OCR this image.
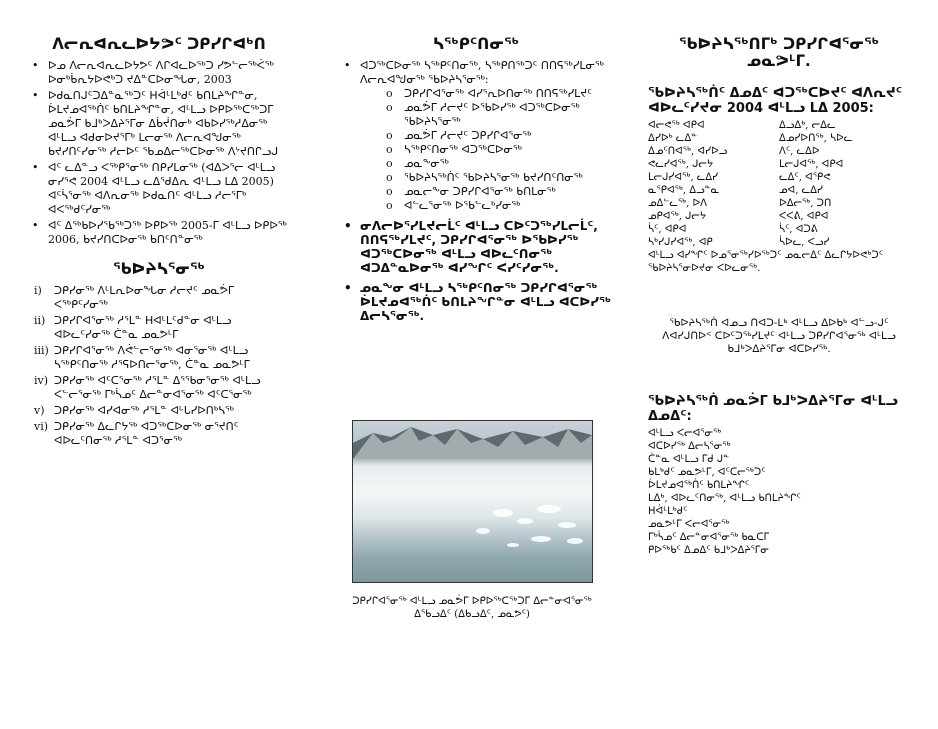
ᐱᓕᕆᐊᕆᓚᐅᔭᕗᑦ ᑐᑭᓯᒋᐊᒃᑎ
• ᐅᓄ ᐱᓕᕆᐊᕆᓚᐅᔭᕗᑦ ᐱᒋᐊᓚᐅᖅᑐ ᓯᕗᓪᓕᖅᐹᖅ ᐅᓂᒃᑳᕆᔭᐅᕙᒃᑐ ᔪᐃᓐᑕᐅᓂᖓᓂ, 2003
• ᐅᑯᓇᑎᒍᑦᑐᐃᓐᓇᖅᑐᑦ ᕼᐋᒻᒪᒃᑯᑦ ᑲᑎᒪᔨᖏᓐᓂ, ᐆᒪᔪᓄᐊᖅᑏᑦ ᑲᑎᒪᔨᖏᓐᓂ, ᐊᒻᒪᓗ ᐅᑭᐅᖅᑕᖅᑐᒥ ᓄᓇᕘᒥ ᑲᒧᒃᐳᐃᔨᕐᒥᓂ ᐃᑳᔫᑎᓂᒃ ᐊᑲᐅᓯᖅᓱᐃᓂᖅ ᐊᒻᒪᓗ ᐊᑯᓂᐅᔪᕐᒥᒃ ᒪᓕᓂᖅ ᐱᓕᕆᐊᖑᓂᖅ ᑲᔪᓯᑎᑦᓯᓂᖅ ᓱᓕᐅᑦ ᖃᓄᐃᓕᖅᑕᐅᓂᖅ ᐱᔾᔪᑎᒋᓗᒍ
• ᐊᑦ ᓚᐃᓐᓗ ᐸᖅᑭᕐᓂᖅ ᑎᑭᓯᒪᓂᖅ (ᐊᐃᐳᕐᓕ ᐊᒻᒪᓗ ᓂᓯᕐᕙ 2004 ᐊᒻᒪᓗ ᓚᐃᖁᐃᕆ ᐊᒻᒪᓗ ᒪᐃ 2005) ᐊᑦᓵᕐᓂᖅ ᐊᐱᕆᓂᖅ ᐅᑯᓇᑎᑦ ᐊᒻᒪᓗ ᓱᓕᕐᒥᒃ ᐊᐸᖅᑯᑦᓯᓂᖅ
• ᐊᑦ ᐃᖅᑲᐅᓯᖃᖅᑐᖅ ᐅᑭᐅᖅ 2005-ᒥ ᐊᒻᒪᓗ ᐅᑭᐅᖅ 2006, ᑲᔪᓯᑎᑕᐅᓂᖅ ᑲᑎᑦᑎᓐᓂᖅ
ᖃᐅᔨᓴᕐᓂᖅ
i) ᑐᑭᓯᓂᖅ ᐱᒻᒪᕆᐅᓂᖓᓂ ᓱᓕᔪᑦ ᓄᓇᕘᒥ ᐸᖅᑭᑦᓯᓂᖅ
ii) ᑐᑭᓯᒋᐊᕐᓂᖅ ᓱᕐᒪᓐ ᕼᐊᒻᒪᑦᑯᓐᓂ ᐊᒻᒪᓗ ᐊᐅᓚᑦᓯᓂᖅ ᑖᓐᓇ ᓄᓇᕗᒻᒥ
iii) ᑐᑭᓯᒋᐊᕐᓂᖅ ᐱᕚᓪᓕᕐᓂᖅ ᐊᓂᕐᓂᖅ ᐊᒻᒪᓗ ᓴᖅᑭᑦᑎᓂᖅ ᓱᕐᕋᐅᑎᓕᕐᓂᖅ, ᑖᓐᓇ ᓄᓇᕗᒻᒥ
iv) ᑐᑭᓯᓂᖅ ᐊᑦᑕᕐᓂᖅ ᓱᕐᒪᓐ ᐃᕐᖃᓂᕐᓂᖅ ᐊᒻᒪᓗ ᐸᓪᓕᕐᓂᖅ ᒥᒃᓵᓄᑦ ᐃᓕᓐᓂᐊᕐᓂᖅ ᐊᑦᑕᕐᓂᖅ
v) ᑐᑭᓯᓂᖅ ᐊᓯᐊᓂᖅ ᓱᕐᒪᓐ ᐊᒡᒐᓯᐅᑎᒃᓴᖅ
vi) ᑐᑭᓯᓂᖅ ᐃᓚᒋᔭᖅ ᐊᑐᖅᑕᐅᓂᖅ ᓂᕐᔪᑎᑦ ᐊᐅᓚᑦᑎᓂᖅ ᓱᕐᒪᓐ ᐊᑐᕐᓂᖅ
ᓴᖅᑭᑦᑎᓂᖅ
• ᐊᑐᖅᑕᐅᓂᖅ ᓴᖅᑭᑦᑎᓂᖅ, ᓴᖅᑭᑎᖅᑐᑦ ᑎᑎᕋᖅᓯᒪᓂᖅ ᐱᓕᕆᐊᖑᓂᖅ ᖃᐅᔨᓴᕐᓂᖅ:
o ᑐᑭᓯᒋᐊᕐᓂᖅ ᐊᓯᕐᕆᐅᑎᓂᖅ ᑎᑎᕋᖅᓯᒪᔪᑦ
o ᓄᓇᕘᒥ ᓱᓕᔪᑦ ᐅᖃᐅᓯᖅ ᐊᑐᖅᑕᐅᓂᖅ ᖃᐅᔨᓴᕐᓂᖅ
o ᓄᓇᕘᒥ ᓱᓕᔪᑦ ᑐᑭᓯᒋᐊᕐᓂᖅ
o ᓴᖅᑭᑦᑎᓂᖅ ᐊᑐᖅᑕᐅᓂᖅ
o ᓄᓇᖕᓂᖅ
o ᖃᐅᔨᓴᖅᑏᑦ ᖃᐅᔨᓴᕐᓂᖅ ᑲᔪᓯᑎᑦᑎᓂᖅ
o ᓄᓇᓕᖕᓂ ᑐᑭᓯᒋᐊᕐᓂᖅ ᑲᑎᒪᓂᖅ
o ᐊᓪᓚᕐᓂᖅ ᐅᖃᓪᓚᒃᓯᓂᖅ
• ᓂᐱᓕᐅᕐᓯᒪᔪᓕᒫᑦ ᐊᒻᒪᓗ ᑕᐅᑦᑐᖅᓯᒪᓕᒫᑦ, ᑎᑎᕋᖅᓯᒪᔪᑦ, ᑐᑭᓯᒋᐊᕐᓂᖅ ᐅᖃᐅᓯᖅ ᐊᑐᖅᑕᐅᓂᖅ ᐊᒻᒪᓗ ᐊᐅᓚᑦᑎᓂᖅ ᐊᑐᐃᓐᓇᐅᓂᖅ ᐊᓯᖏᑦ ᐸᓯᑦᓯᓂᖅ.
• ᓄᓇᖕᓂ ᐊᒻᒪᓗ ᓴᖅᑭᑦᑎᓂᖅ ᑐᑭᓯᒋᐊᕐᓂᖅ ᐆᒪᔪᓄᐊᖅᑏᑦ ᑲᑎᒪᔨᖏᓐᓂ ᐊᒻᒪᓗ ᐊᑕᐅᓯᖅ ᐃᓕᓴᕐᓂᖅ.
ᑐᑭᓯᒋᐊᕐᓂᖅ ᐊᒻᒪᓗ ᓄᓇᕘᒥ ᐅᑭᐅᖅᑕᖅᑐᒥ ᐃᓕᓐᓂᐊᕐᓂᖅ ᐃᖃᓗᐃᑦ (ᐃᑲᓗᐃᑦ, ᓄᓇᕗᑦ)
ᖃᐅᔨᓴᖅᑎᒥᒃ ᑐᑭᓯᒋᐊᕐᓂᖅ ᓄᓇᕗᒻᒥ.
ᖃᐅᔨᓴᖅᑏᑦ ᐃᓄᐃᑦ ᐊᑐᖅᑕᐅᔪᑦ ᐊᐱᕆᔪᑦ ᐊᐅᓚᑦᓯᔪᓂ 2004 ᐊᒻᒪᓗ ᒪᐃ 2005:
ᐊᓕᕙᖅ ᐊᑭᐊ
ᐃᓯᐅᒃ ᓚᐃᓐ
ᐃᓄᑦᑎᐊᖅ, ᐊᓯᐅᓗ
ᕙᓚᓯᐊᖅ, ᒍᓕᔭ
ᒪᓕᒍᓯᐊᖅ, ᓚᐃᓯ
ᓇᕿᐊᖅ, ᐃᓗᓐᓇ
ᓄᐃᓪᓚᖅ, ᐅᐱ
ᓄᑭᐊᖅ, ᒍᓕᔭ
ᓵᑦ, ᐊᑭᐊ
ᓴᒃᓯᒍᓯᐊᖅ, ᐊᑭ
ᐃᓗᐃᒃ, ᓕᐃᓚ
ᐃᓄᓯᐅᑎᖅ, ᓴᐅᓚ
ᐱᑦ, ᓚᐃᐅ
ᒪᓕᒍᐊᖅ, ᐊᑭᐊ
ᓚᐃᑦ, ᐊᕿᕙ
ᓄᐊ, ᓚᐃᓯ
ᐅᐃᓕᖅ, ᑐᑎ
ᐸᐸᕕ, ᐊᑭᐊ
ᓵᑦ, ᐊᑐᕕ
ᓵᐅᓚ, ᐸᓗᓯ
ᐊᒻᒪᓗ ᐊᓯᖏᑦ ᐅᓄᕐᓂᖅᓯᐅᖅᑐᑦ ᓄᓇᓕᐃᑦ ᐃᓚᒋᔭᐅᕙᒃᑐᑦ ᖃᐅᔨᓴᕐᓂᐅᔪᓂ ᐸᐅᓚᓂᖅ.
ᖃᐅᔨᓴᖅᑏ ᐊᓄᓗ ᑎᐊᑐ-ᒪᒃ ᐊᒻᒪᓗ ᐃᐅᑲᒃ ᐊᓪᓗ-ᒍᑦ ᐱᐊᓯᒍᑎᐅᑉ ᑕᐅᑦᑐᖅᓯᒪᔪᑦ ᐊᒻᒪᓗ ᑐᑭᓯᒋᐊᕐᓂᖅ ᐊᒻᒪᓗ ᑲᒧᒃᐳᐃᔨᕐᒥᓂ ᐊᑕᐅᓯᖅ.
ᖃᐅᔨᓴᖅᑏ ᓄᓇᕘᒥ ᑲᒧᒃᐳᐃᔨᕐᒥᓂ ᐊᒻᒪᓗ ᐃᓄᐃᑦ:
ᐊᒻᒪᓗ ᐸᓕᐊᕐᓂᖅ
ᐊᑕᐅᓯᖅ ᐃᓕᓴᕐᓂᖅ
ᑖᓐᓇ ᐊᒻᒪᓗ ᒥᑯ ᒍᓐ
ᑲᒪᒃᑯᑦ ᓄᓇᕗᒻᒥ, ᐊᑦᑕᓕᖅᑐᑦ
ᐆᒪᔪᓄᐊᖅᑏᑦ ᑲᑎᒪᔨᖏᑦ
ᒪᐃᒃ, ᐊᐅᓚᑦᑎᓂᖅ, ᐊᒻᒪᓗ ᑲᑎᒪᔨᖏᑦ
ᕼᐋᒻᒪᒃᑯᑦ
ᓄᓇᕗᒻᒥ ᐸᓕᐊᕐᓂᖅ
ᒥᒃᓵᓄᑦ ᐃᓕᓐᓂᐊᕐᓂᖅ ᑲᓇᑕᒥ
ᑭᐅᖅᑲᑦ ᐃᓄᐃᑦ ᑲᒧᒃᐳᐃᔨᕐᒥᓂ
